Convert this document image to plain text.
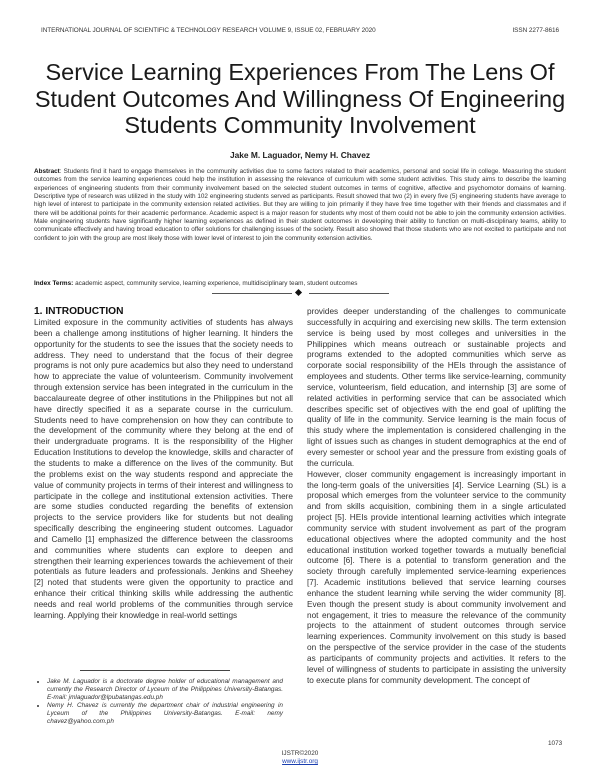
INTERNATIONAL JOURNAL OF SCIENTIFIC & TECHNOLOGY RESEARCH VOLUME 9, ISSUE 02, FEBRUARY 2020	ISSN 2277-8616
Service Learning Experiences From The Lens Of Student Outcomes And Willingness Of Engineering Students Community Involvement
Jake M. Laguador, Nemy H. Chavez
Abstract: Students find it hard to engage themselves in the community activities due to some factors related to their academics, personal and social life in college. Measuring the student outcomes from the service learning experiences could help the institution in assessing the relevance of curriculum with some student activities. This study aims to describe the learning experiences of engineering students from their community involvement based on the selected student outcomes in terms of cognitive, affective and psychomotor domains of learning. Descriptive type of research was utilized in the study with 102 engineering students served as participants. Result showed that two (2) in every five (5) engineering students have average to high level of interest to participate in the community extension related activities. But they are willing to join primarily if they have free time together with their friends and classmates and if there will be additional points for their academic performance. Academic aspect is a major reason for students why most of them could not be able to join the community extension activities. Male engineering students have significantly higher learning experiences as defined in their student outcomes in developing their ability to function on multi-disciplinary teams, ability to communicate effectively and having broad education to offer solutions for challenging issues of the society. Result also showed that those students who are not excited to participate and not confident to join with the group are most likely those with lower level of interest to join the community extension activities.
Index Terms: academic aspect, community service, learning experience, multidisciplinary team, student outcomes
1. INTRODUCTION

Limited exposure in the community activities of students has always been a challenge among institutions of higher learning. It hinders the opportunity for the students to see the issues that the society needs to address. They need to understand that the focus of their degree programs is not only pure academics but also they need to understand how to appreciate the value of volunteerism. Community involvement through extension service has been integrated in the curriculum in the baccalaureate degree of other institutions in the Philippines but not all have directly specified it as a separate course in the curriculum. Students need to have comprehension on how they can contribute to the development of the community where they belong at the end of their undergraduate programs. It is the responsibility of the Higher Education Institutions to develop the knowledge, skills and character of the students to make a difference on the lives of the community. But the problems exist on the way students respond and appreciate the value of community projects in terms of their interest and willingness to participate in the college and institutional extension activities. There are some studies conducted regarding the benefits of extension projects to the service providers like for students but not dealing specifically describing the engineering student outcomes. Laguador and Camello [1] emphasized the difference between the classrooms and communities where students can explore to deepen and strengthen their learning experiences towards the achievement of their potentials as future leaders and professionals. Jenkins and Sheehey [2] noted that students were given the opportunity to practice and enhance their critical thinking skills while addressing the authentic needs and real world problems of the communities through service learning. Applying their knowledge in real-world settings

provides deeper understanding of the challenges to communicate successfully in acquiring and exercising new skills. The term extension service is being used by most colleges and universities in the Philippines which means outreach or sustainable projects and programs extended to the adopted communities which serve as corporate social responsibility of the HEIs through the assistance of employees and students. Other terms like service-learning, community service, volunteerism, field education, and internship [3] are some of related activities in performing service that can be associated which describes specific set of objectives with the end goal of uplifting the quality of life in the community. Service learning is the main focus of this study where the implementation is considered challenging in the light of issues such as changes in student demographics at the end of every semester or school year and the pressure from existing goals of the curricula.

However, closer community engagement is increasingly important in the long-term goals of the universities [4]. Service Learning (SL) is a proposal which emerges from the volunteer service to the community and from skills acquisition, combining them in a single articulated project [5]. HEIs provide intentional learning activities which integrate community service with student involvement as part of the program educational objectives where the adopted community and the host educational institution worked together towards a mutually beneficial outcome [6]. There is a potential to transform generation and the society through carefully implemented service-learning experiences [7]. Academic institutions believed that service learning courses enhance the student learning while serving the wider community [8]. Even though the present study is about community involvement and not engagement, it tries to measure the relevance of the community projects to the attainment of student outcomes through service learning experiences. Community involvement on this study is based on the perspective of the service provider in the case of the students as participants of community projects and activities. It refers to the level of willingness of students to participate in assisting the university to execute plans for community development. The concept of

• Jake M. Laguador is a doctorate degree holder of educational management and currently the Research Director of Lyceum of the Philippines University-Batangas. E-mail: jmlaguador@lpubatangas.edu.ph
• Nemy H. Chavez is currently the department chair of industrial engineering in Lyceum of the Philippines University-Batangas. E-mail: nemy chavez@yahoo.com.ph
1073
IJSTR©2020
www.ijstr.org
